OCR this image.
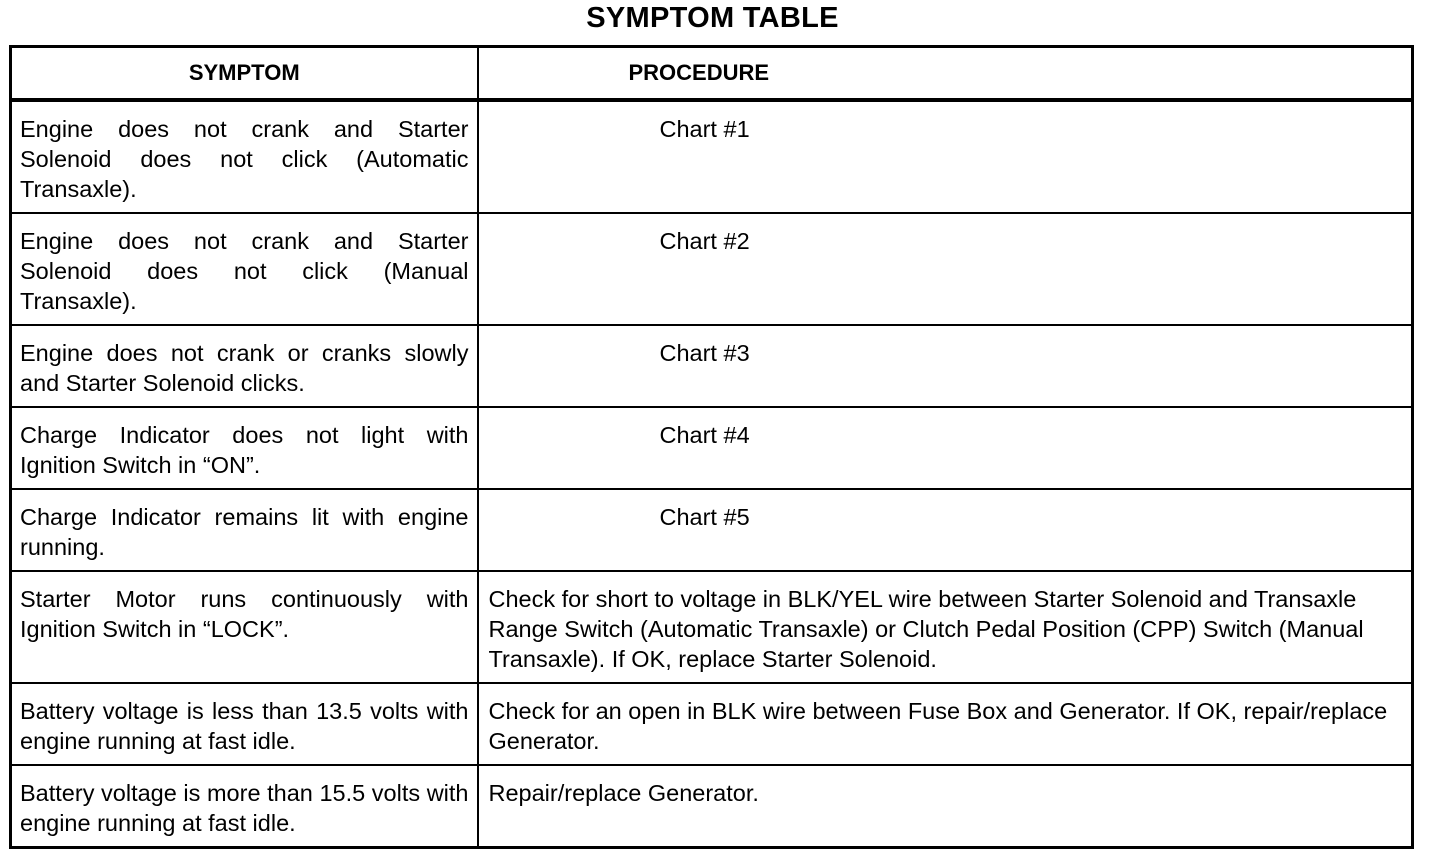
SYMPTOM TABLE
SYMPTOM	PROCEDURE
Engine does not crank and Starter Solenoid does not click (Automatic Transaxle).	Chart #1
Engine does not crank and Starter Solenoid does not click (Manual Transaxle).	Chart #2
Engine does not crank or cranks slowly and Starter Solenoid clicks.	Chart #3
Charge Indicator does not light with Ignition Switch in “ON”.	Chart #4
Charge Indicator remains lit with engine running.	Chart #5
Starter Motor runs continuously with Ignition Switch in “LOCK”.	Check for short to voltage in BLK/YEL wire between Starter Solenoid and Transaxle Range Switch (Automatic Transaxle) or Clutch Pedal Position (CPP) Switch (Manual Transaxle). If OK, replace Starter Solenoid.
Battery voltage is less than 13.5 volts with engine running at fast idle.	Check for an open in BLK wire between Fuse Box and Generator. If OK, repair/replace Generator.
Battery voltage is more than 15.5 volts with engine running at fast idle.	Repair/replace Generator.
